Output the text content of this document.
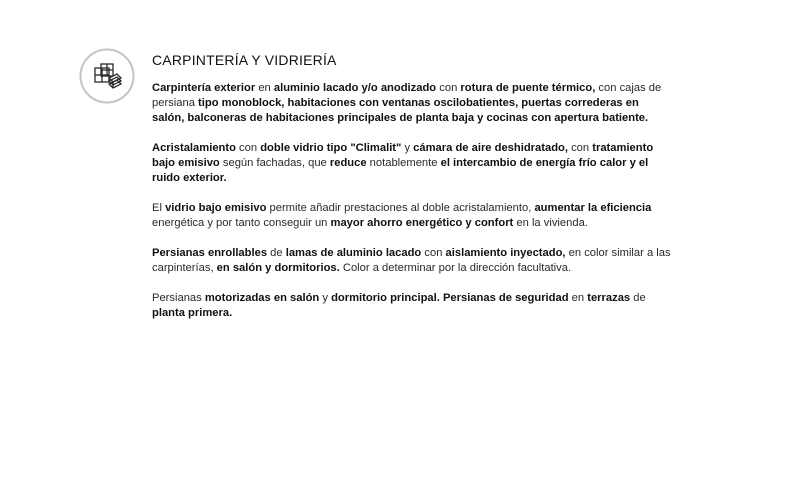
CARPINTERÍA Y VIDRIERÍA

Carpintería exterior en aluminio lacado y/o anodizado con rotura de puente térmico, con cajas de persiana tipo monoblock, habitaciones con ventanas oscilobatientes, puertas correderas en salón, balconeras de habitaciones principales de planta baja y cocinas con apertura batiente.

Acristalamiento con doble vidrio tipo "Climalit" y cámara de aire deshidratado, con tratamiento bajo emisivo según fachadas, que reduce notablemente el intercambio de energía frío calor y el ruido exterior.

El vidrio bajo emisivo permite añadir prestaciones al doble acristalamiento, aumentar la eficiencia energética y por tanto conseguir un mayor ahorro energético y confort en la vivienda.

Persianas enrollables de lamas de aluminio lacado con aislamiento inyectado, en color similar a las carpinterías, en salón y dormitorios. Color a determinar por la dirección facultativa.

Persianas motorizadas en salón y dormitorio principal. Persianas de seguridad en terrazas de planta primera.
